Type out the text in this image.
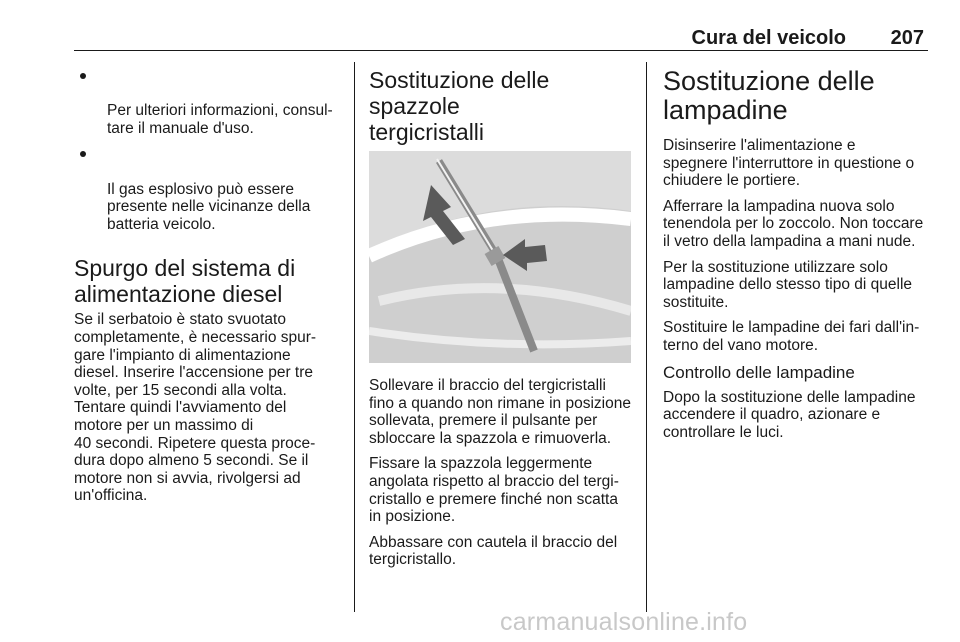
Cura del veicolo 207

Per ulteriori informazioni, consul-
tare il manuale d'uso.

Il gas esplosivo può essere
presente nelle vicinanze della
batteria veicolo.

Spurgo del sistema di
alimentazione diesel

Se il serbatoio è stato svuotato
completamente, è necessario spur-
gare l'impianto di alimentazione
diesel. Inserire l'accensione per tre
volte, per 15 secondi alla volta.
Tentare quindi l'avviamento del
motore per un massimo di
40 secondi. Ripetere questa proce-
dura dopo almeno 5 secondi. Se il
motore non si avvia, rivolgersi ad
un'officina.

Sostituzione delle spazzole
tergicristalli

Sollevare il braccio del tergicristalli
fino a quando non rimane in posizione
sollevata, premere il pulsante per
sbloccare la spazzola e rimuoverla.

Fissare la spazzola leggermente
angolata rispetto al braccio del tergi-
cristallo e premere finché non scatta
in posizione.

Abbassare con cautela il braccio del
tergicristallo.

Sostituzione delle
lampadine

Disinserire l'alimentazione e
spegnere l'interruttore in questione o
chiudere le portiere.

Afferrare la lampadina nuova solo
tenendola per lo zoccolo. Non toccare
il vetro della lampadina a mani nude.

Per la sostituzione utilizzare solo
lampadine dello stesso tipo di quelle
sostituite.

Sostituire le lampadine dei fari dall'in-
terno del vano motore.

Controllo delle lampadine

Dopo la sostituzione delle lampadine
accendere il quadro, azionare e
controllare le luci.

carmanualsonline.info
